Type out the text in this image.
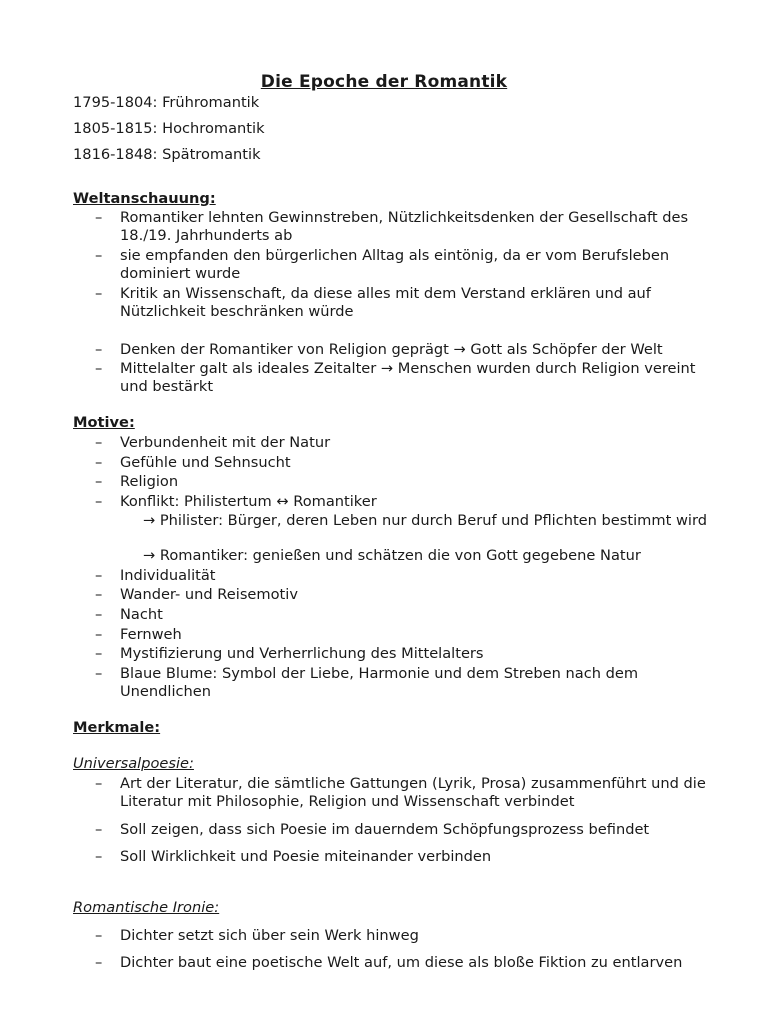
Die Epoche der Romantik
1795-1804: Frühromantik
1805-1815: Hochromantik
1816-1848: Spätromantik
Weltanschauung:
– Romantiker lehnten Gewinnstreben, Nützlichkeitsdenken der Gesellschaft des 18./19. Jahrhunderts ab
– sie empfanden den bürgerlichen Alltag als eintönig, da er vom Berufsleben dominiert wurde
– Kritik an Wissenschaft, da diese alles mit dem Verstand erklären und auf Nützlichkeit beschränken würde
– Denken der Romantiker von Religion geprägt → Gott als Schöpfer der Welt
– Mittelalter galt als ideales Zeitalter → Menschen wurden durch Religion vereint und bestärkt
Motive:
– Verbundenheit mit der Natur
– Gefühle und Sehnsucht
– Religion
– Konflikt: Philistertum ↔ Romantiker
→ Philister: Bürger, deren Leben nur durch Beruf und Pflichten bestimmt wird
→ Romantiker: genießen und schätzen die von Gott gegebene Natur
– Individualität
– Wander- und Reisemotiv
– Nacht
– Fernweh
– Mystifizierung und Verherrlichung des Mittelalters
– Blaue Blume: Symbol der Liebe, Harmonie und dem Streben nach dem Unendlichen
Merkmale:
Universalpoesie:
– Art der Literatur, die sämtliche Gattungen (Lyrik, Prosa) zusammenführt und die Literatur mit Philosophie, Religion und Wissenschaft verbindet
– Soll zeigen, dass sich Poesie im dauerndem Schöpfungsprozess befindet
– Soll Wirklichkeit und Poesie miteinander verbinden
Romantische Ironie:
– Dichter setzt sich über sein Werk hinweg
– Dichter baut eine poetische Welt auf, um diese als bloße Fiktion zu entlarven
